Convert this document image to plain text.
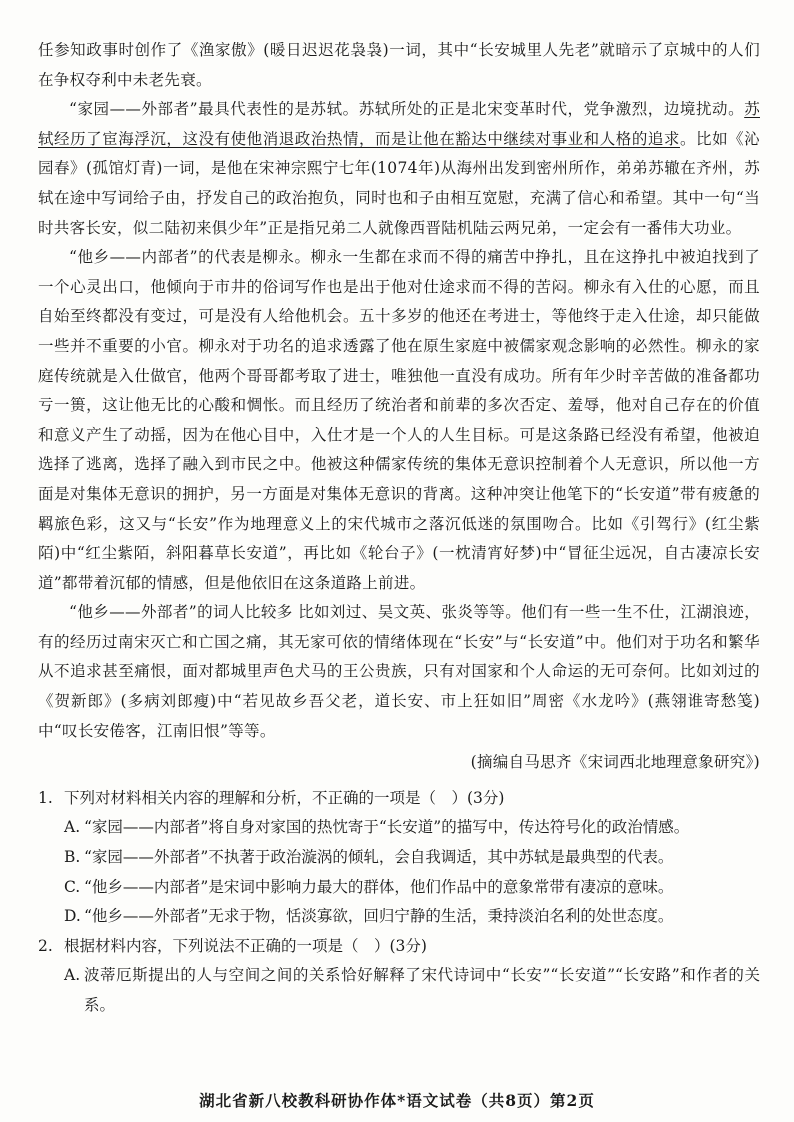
任参知政事时创作了《渔家傲》(暖日迟迟花袅袅)一词，其中“长安城里人先老”就暗示了京城中的人们在争权夺利中未老先衰。

“家园——外部者”最具代表性的是苏轼。苏轼所处的正是北宋变革时代，党争激烈，边境扰动。苏轼经历了宦海浮沉，这没有使他消退政治热情，而是让他在豁达中继续对事业和人格的追求。比如《沁园春》(孤馆灯青)一词，是他在宋神宗熙宁七年(1074年)从海州出发到密州所作，弟弟苏辙在齐州，苏轼在途中写词给子由，抒发自己的政治抱负，同时也和子由相互宽慰，充满了信心和希望。其中一句“当时共客长安，似二陆初来俱少年”正是指兄弟二人就像西晋陆机陆云两兄弟，一定会有一番伟大功业。

“他乡——内部者”的代表是柳永。柳永一生都在求而不得的痛苦中挣扎，且在这挣扎中被迫找到了一个心灵出口，他倾向于市井的俗词写作也是出于他对仕途求而不得的苦闷。柳永有入仕的心愿，而且自始至终都没有变过，可是没有人给他机会。五十多岁的他还在考进士，等他终于走入仕途，却只能做一些并不重要的小官。柳永对于功名的追求透露了他在原生家庭中被儒家观念影响的必然性。柳永的家庭传统就是入仕做官，他两个哥哥都考取了进士，唯独他一直没有成功。所有年少时辛苦做的准备都功亏一篑，这让他无比的心酸和惆怅。而且经历了统治者和前辈的多次否定、羞辱，他对自己存在的价值和意义产生了动摇，因为在他心目中，入仕才是一个人的人生目标。可是这条路已经没有希望，他被迫选择了逃离，选择了融入到市民之中。他被这种儒家传统的集体无意识控制着个人无意识，所以他一方面是对集体无意识的拥护，另一方面是对集体无意识的背离。这种冲突让他笔下的“长安道”带有疲惫的羁旅色彩，这又与“长安”作为地理意义上的宋代城市之落沉低迷的氛围吻合。比如《引驾行》(红尘紫陌)中“红尘紫陌，斜阳暮草长安道”，再比如《轮台子》(一枕清宵好梦)中“冒征尘远况，自古凄凉长安道”都带着沉郁的情感，但是他依旧在这条道路上前进。

“他乡——外部者”的词人比较多 比如刘过、吴文英、张炎等等。他们有一些一生不仕，江湖浪迹，有的经历过南宋灭亡和亡国之痛，其无家可依的情绪体现在“长安”与“长安道”中。他们对于功名和繁华从不追求甚至痛恨，面对都城里声色犬马的王公贵族，只有对国家和个人命运的无可奈何。比如刘过的《贺新郎》(多病刘郎瘦)中“若见故乡吾父老，道长安、市上狂如旧”周密《水龙吟》(燕翎谁寄愁笺)中“叹长安倦客，江南旧恨”等等。

(摘编自马思齐《宋词西北地理意象研究》)

1. 下列对材料相关内容的理解和分析，不正确的一项是（　）(3分)
A. “家园——内部者”将自身对家国的热忱寄于“长安道”的描写中，传达符号化的政治情感。
B. “家园——外部者”不执著于政治漩涡的倾轧，会自我调适，其中苏轼是最典型的代表。
C. “他乡——内部者”是宋词中影响力最大的群体，他们作品中的意象常带有凄凉的意味。
D. “他乡——外部者”无求于物，恬淡寡欲，回归宁静的生活，秉持淡泊名利的处世态度。
2. 根据材料内容，下列说法不正确的一项是（　）(3分)
A. 波蒂厄斯提出的人与空间之间的关系恰好解释了宋代诗词中“长安”“长安道”“长安路”和作者的关系。
湖北省新八校教科研协作体*语文试卷（共8页）第2页
